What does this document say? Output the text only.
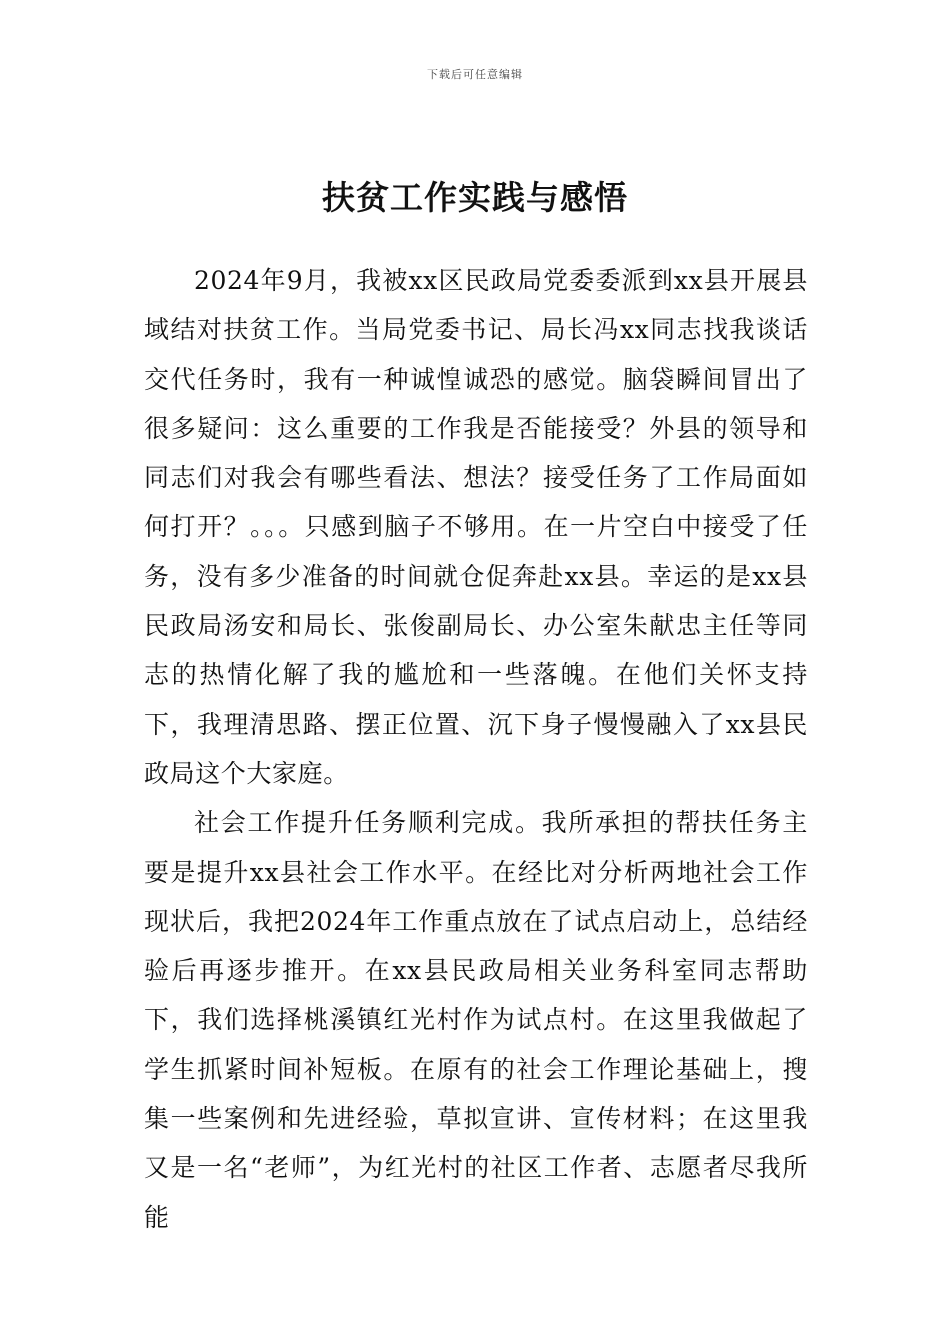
下载后可任意编辑
扶贫工作实践与感悟

2024年9月，我被xx区民政局党委委派到xx县开展县域结对扶贫工作。当局党委书记、局长冯xx同志找我谈话交代任务时，我有一种诚惶诚恐的感觉。脑袋瞬间冒出了很多疑问：这么重要的工作我是否能接受？外县的领导和同志们对我会有哪些看法、想法？接受任务了工作局面如何打开？。。。只感到脑子不够用。在一片空白中接受了任务，没有多少准备的时间就仓促奔赴xx县。幸运的是xx县民政局汤安和局长、张俊副局长、办公室朱献忠主任等同志的热情化解了我的尴尬和一些落魄。在他们关怀支持下，我理清思路、摆正位置、沉下身子慢慢融入了xx县民政局这个大家庭。

社会工作提升任务顺利完成。我所承担的帮扶任务主要是提升xx县社会工作水平。在经比对分析两地社会工作现状后，我把2024年工作重点放在了试点启动上，总结经验后再逐步推开。在xx县民政局相关业务科室同志帮助下，我们选择桃溪镇红光村作为试点村。在这里我做起了学生抓紧时间补短板。在原有的社会工作理论基础上，搜集一些案例和先进经验，草拟宣讲、宣传材料；在这里我又是一名“老师”，为红光村的社区工作者、志愿者尽我所能
